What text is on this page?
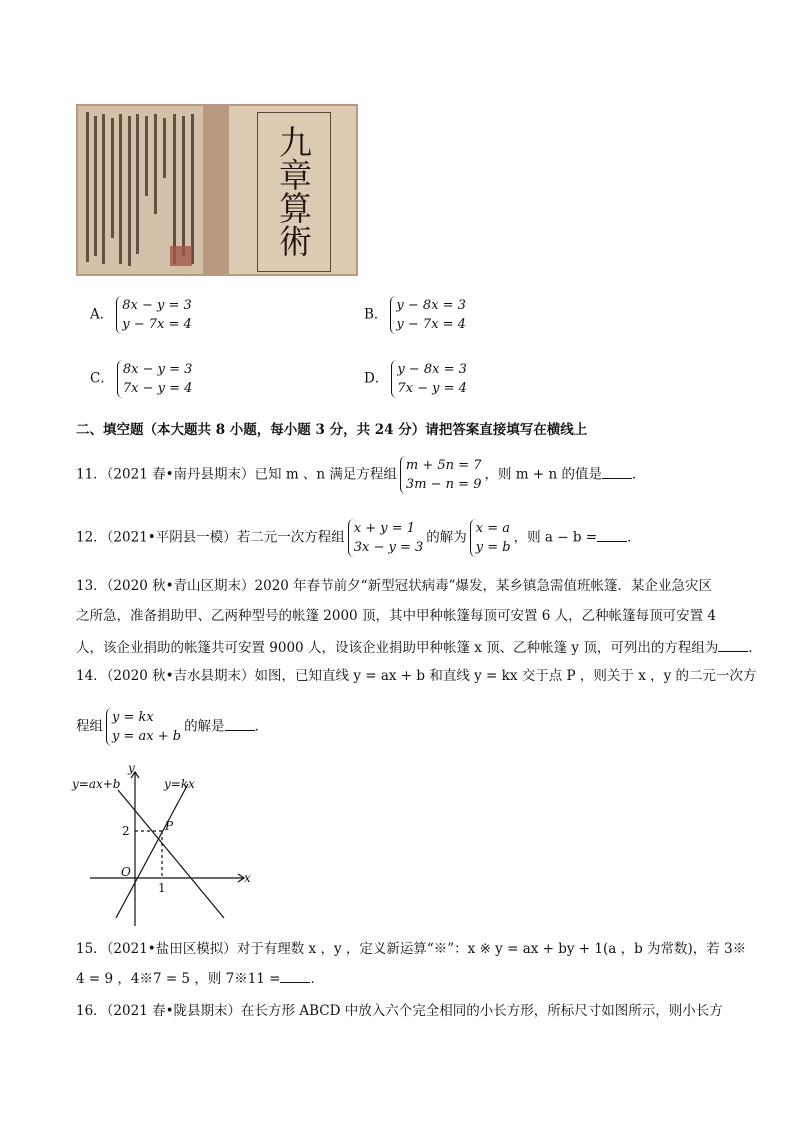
九章算術
A．8x − y = 3
y − 7x = 4
B．y − 8x = 3
y − 7x = 4
C．8x − y = 3
7x − y = 4
D．y − 8x = 3
7x − y = 4
二、填空题（本大题共 8 小题，每小题 3 分，共 24 分）请把答案直接填写在横线上
11．（2021 春•南丹县期末）已知 m 、n 满足方程组m + 5n = 7
3m − n = 9，则 m + n 的值是 ．
12．（2021•平阴县一模）若二元一次方程组x + y = 1
3x − y = 3的解为x = a
y = b，则 a − b = ．
13．（2020 秋•青山区期末）2020 年春节前夕“新型冠状病毒”爆发，某乡镇急需值班帐篷．某企业急灾区
之所急，准备捐助甲、乙两种型号的帐篷 2000 顶，其中甲种帐篷每顶可安置 6 人，乙种帐篷每顶可安置 4
人，该企业捐助的帐篷共可安置 9000 人，设该企业捐助甲种帐篷 x 顶、乙种帐篷 y 顶，可列出的方程组为 ．
14．（2020 秋•吉水县期末）如图，已知直线 y = ax + b 和直线 y = kx 交于点 P ，则关于 x ，y 的二元一次方
程组y = kx
y = ax + b的解是 ．
y=ax+b	y=kx
y
x
O
P
1
2
15．（2021•盐田区模拟）对于有理数 x ，y ，定义新运算“※”：x ※ y = ax + by + 1(a ，b 为常数)，若 3※
4 = 9 ，4※7 = 5 ，则 7※11 = ．
16．（2021 春•陇县期末）在长方形 ABCD 中放入六个完全相同的小长方形，所标尺寸如图所示，则小长方
